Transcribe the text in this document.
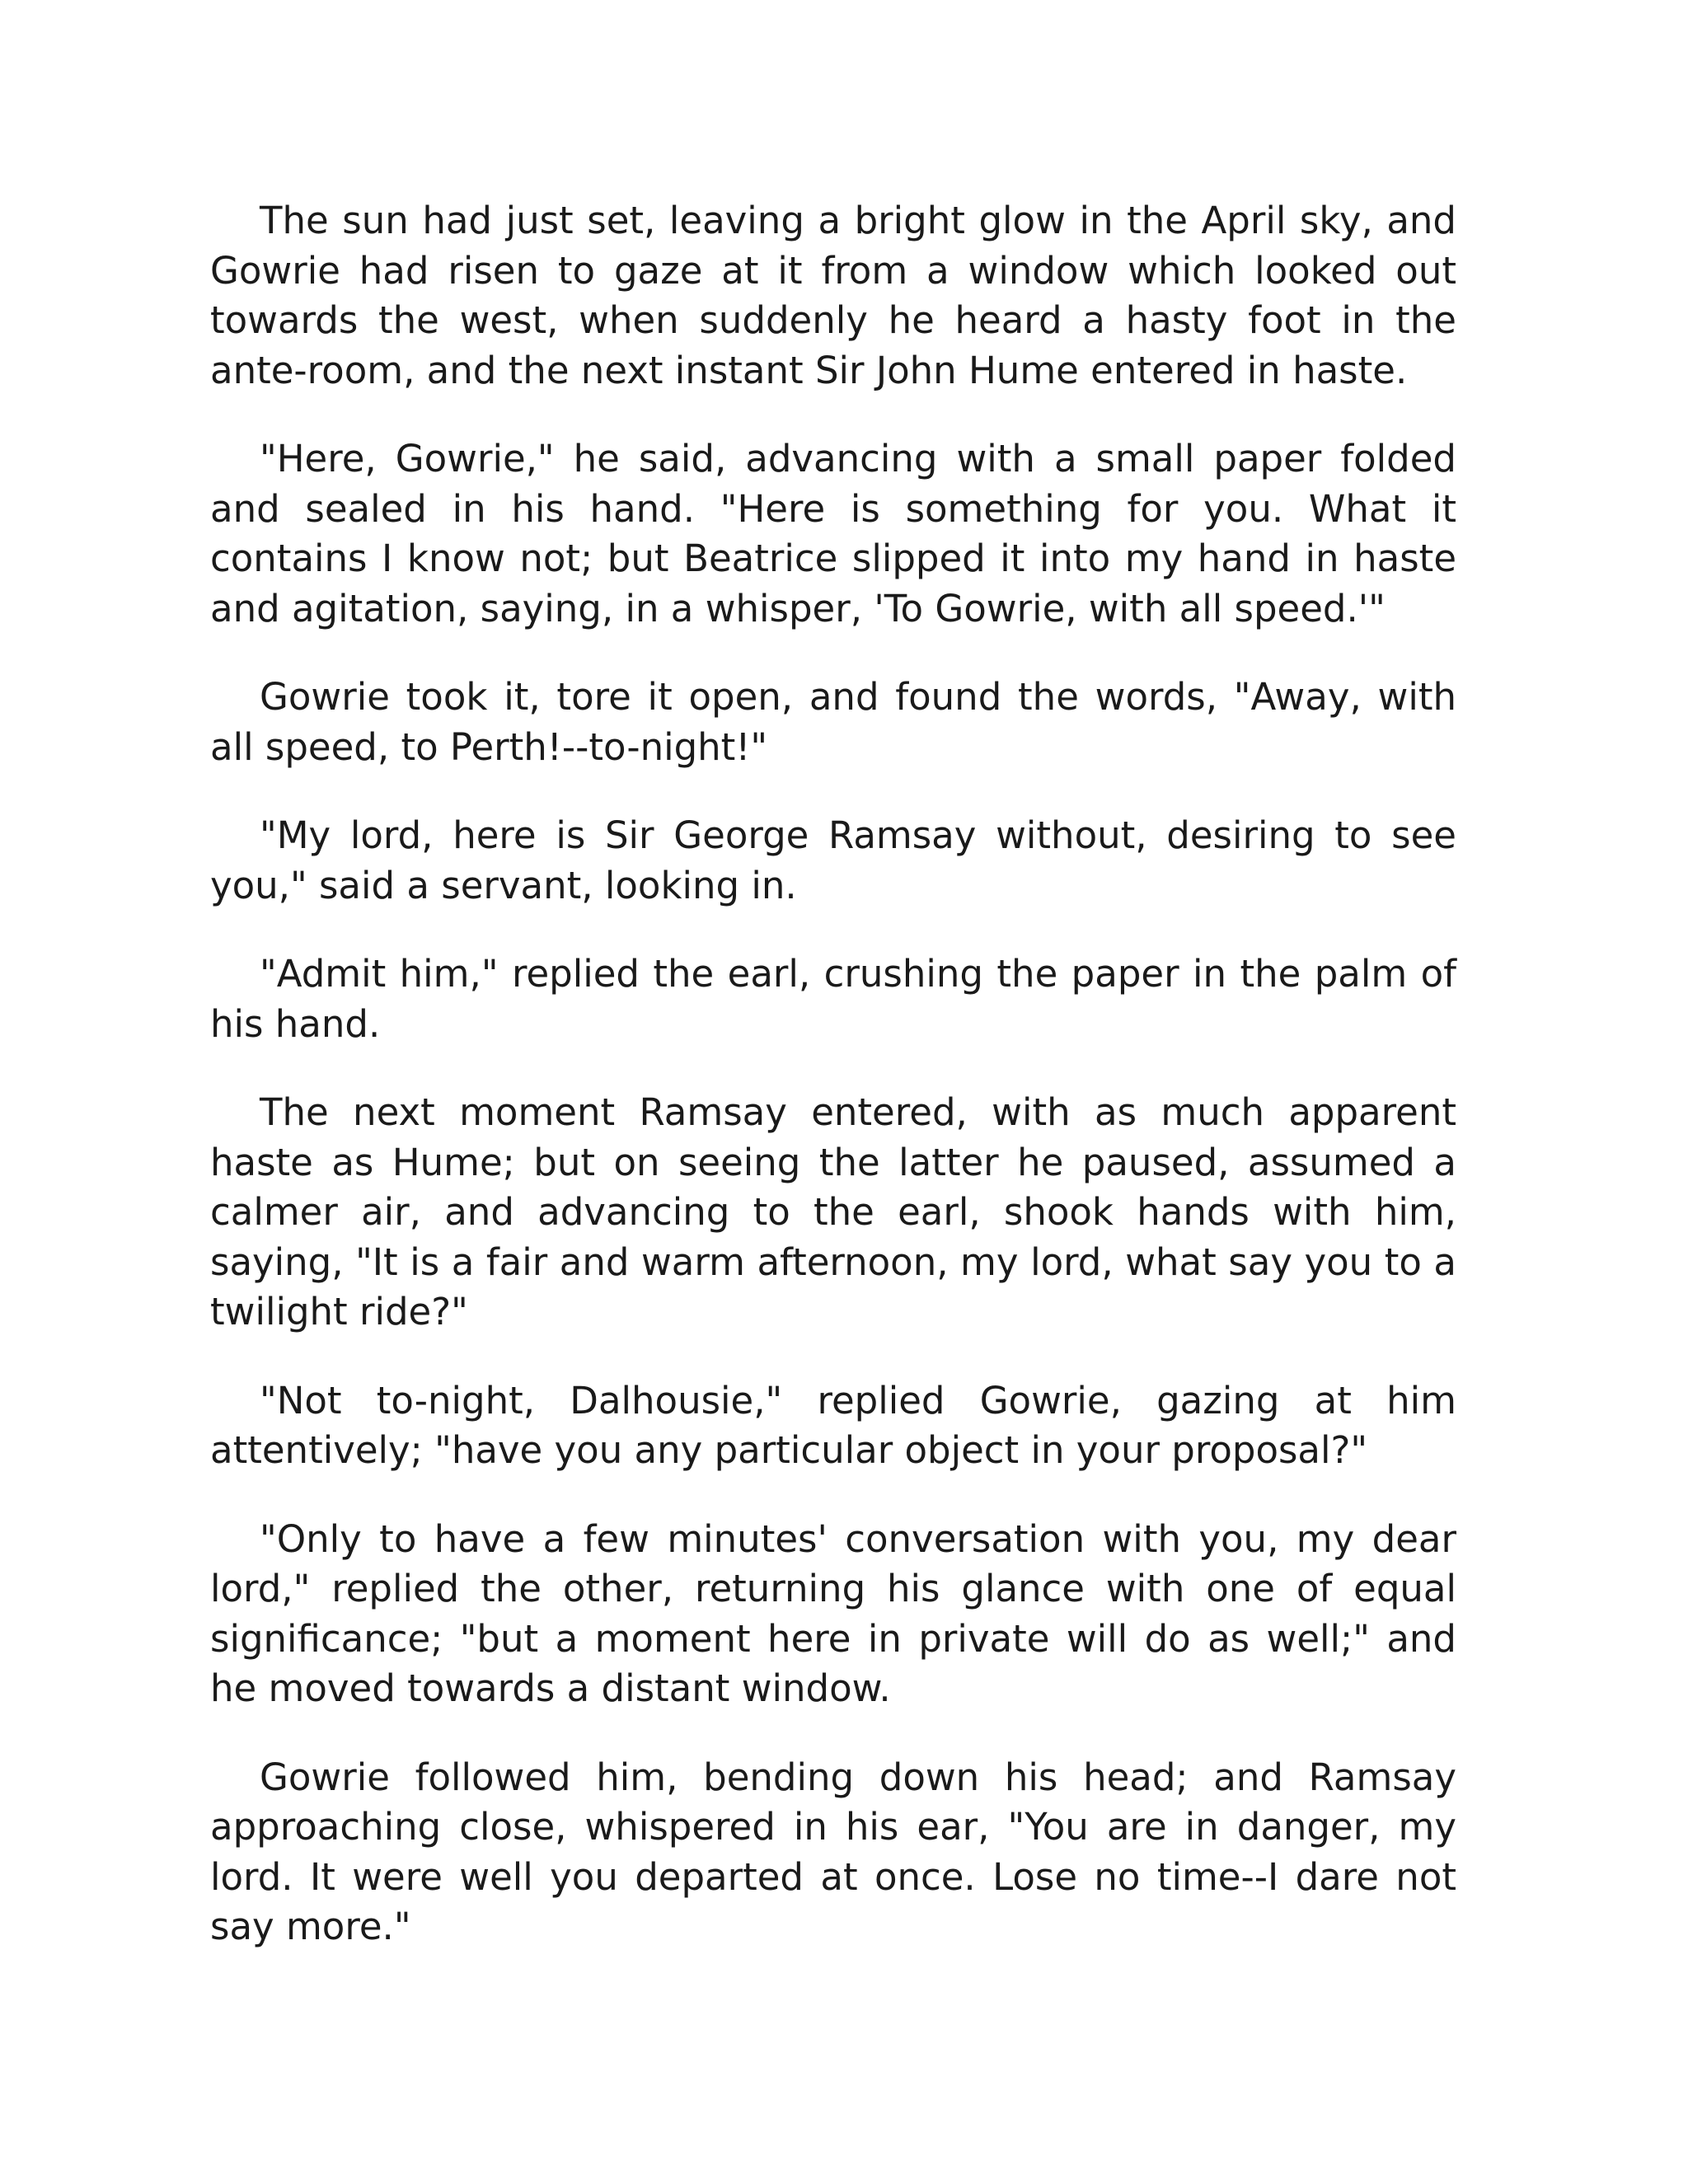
The sun had just set, leaving a bright glow in the April sky, and Gowrie had risen to gaze at it from a window which looked out towards the west, when suddenly he heard a hasty foot in the ante-room, and the next instant Sir John Hume entered in haste.

"Here, Gowrie," he said, advancing with a small paper folded and sealed in his hand. "Here is something for you. What it contains I know not; but Beatrice slipped it into my hand in haste and agitation, saying, in a whisper, 'To Gowrie, with all speed.'"

Gowrie took it, tore it open, and found the words, "Away, with all speed, to Perth!--to-night!"

"My lord, here is Sir George Ramsay without, desiring to see you," said a servant, looking in.

"Admit him," replied the earl, crushing the paper in the palm of his hand.

The next moment Ramsay entered, with as much apparent haste as Hume; but on seeing the latter he paused, assumed a calmer air, and advancing to the earl, shook hands with him, saying, "It is a fair and warm afternoon, my lord, what say you to a twilight ride?"

"Not to-night, Dalhousie," replied Gowrie, gazing at him attentively; "have you any particular object in your proposal?"

"Only to have a few minutes' conversation with you, my dear lord," replied the other, returning his glance with one of equal significance; "but a moment here in private will do as well;" and he moved towards a distant window.

Gowrie followed him, bending down his head; and Ramsay approaching close, whispered in his ear, "You are in danger, my lord. It were well you departed at once. Lose no time--I dare not say more."
